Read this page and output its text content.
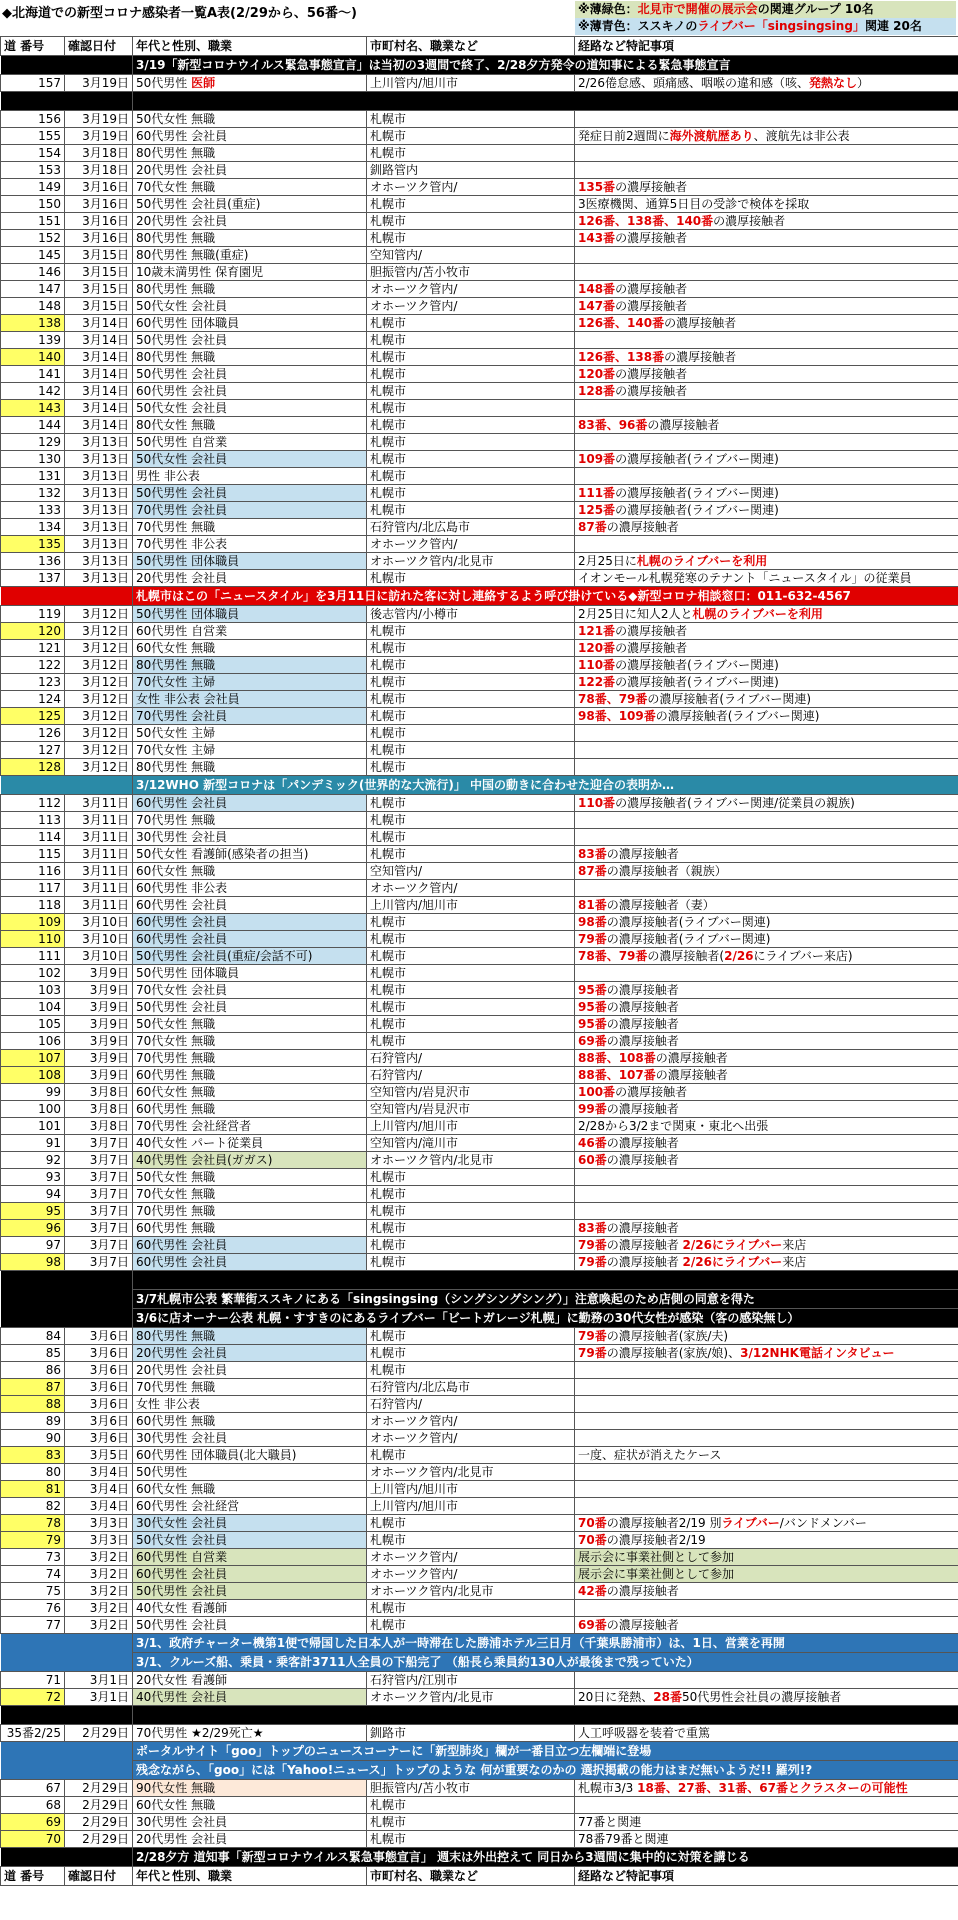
◆北海道での新型コロナ感染者一覧A表(2/29から、56番〜)	※薄緑色：北見市で開催の展示会の関連グループ 10名
※薄青色：ススキノのライブバー「singsingsing」関連 20名
道 番号	確認日付	年代と性別、職業	市町村名、職業など	経路など特記事項
		3/19「新型コロナウイルス緊急事態宣言」は当初の3週間で終了、2/28夕方発令の道知事による緊急事態宣言		
157	3月19日	50代男性 医師	上川管内/旭川市	2/26倦怠感、頭痛感、咽喉の違和感（咳、発熱なし）
		3/4勤務先で受診、インフルエンザ検査陰性、胸部CTスキャンで肺炎像認められずで自宅療養、3/16保健所に相談		
156	3月19日	50代女性 無職	札幌市	
155	3月19日	60代男性 会社員	札幌市	発症日前2週間に海外渡航歴あり、渡航先は非公表
154	3月18日	80代男性 無職	札幌市	
153	3月18日	20代男性 会社員	釧路管内	
149	3月16日	70代女性 無職	オホーツク管内/	135番の濃厚接触者
150	3月16日	50代男性 会社員(重症)	札幌市	3医療機関、通算5日目の受診で検体を採取
151	3月16日	20代男性 会社員	札幌市	126番、138番、140番の濃厚接触者
152	3月16日	80代男性 無職	札幌市	143番の濃厚接触者
145	3月15日	80代男性 無職(重症)	空知管内/	
146	3月15日	10歳未満男性 保育園児	胆振管内/苫小牧市	
147	3月15日	80代男性 無職	オホーツク管内/	148番の濃厚接触者
148	3月15日	50代女性 会社員	オホーツク管内/	147番の濃厚接触者
138	3月14日	60代男性 団体職員	札幌市	126番、140番の濃厚接触者
139	3月14日	50代男性 会社員	札幌市	
140	3月14日	80代男性 無職	札幌市	126番、138番の濃厚接触者
141	3月14日	50代男性 会社員	札幌市	120番の濃厚接触者
142	3月14日	60代男性 会社員	札幌市	128番の濃厚接触者
143	3月14日	50代女性 会社員	札幌市	
144	3月14日	80代女性 無職	札幌市	83番、96番の濃厚接触者
129	3月13日	50代男性 自営業	札幌市	
130	3月13日	50代女性 会社員	札幌市	109番の濃厚接触者(ライブバー関連)
131	3月13日	男性 非公表	札幌市	
132	3月13日	50代男性 会社員	札幌市	111番の濃厚接触者(ライブバー関連)
133	3月13日	70代男性 会社員	札幌市	125番の濃厚接触者(ライブバー関連)
134	3月13日	70代男性 無職	石狩管内/北広島市	87番の濃厚接触者
135	3月13日	70代男性 非公表	オホーツク管内/	
136	3月13日	50代男性 団体職員	オホーツク管内/北見市	2月25日に札幌のライブバーを利用
137	3月13日	20代男性 会社員	札幌市	イオンモール札幌発寒のテナント「ニュースタイル」の従業員
		札幌市はこの「ニュースタイル」を3月11日に訪れた客に対し連絡するよう呼び掛けている◆新型コロナ相談窓口：011-632-4567		
119	3月12日	50代男性 団体職員	後志管内/小樽市	2月25日に知人2人と札幌のライブバーを利用
120	3月12日	60代男性 自営業	札幌市	121番の濃厚接触者
121	3月12日	60代女性 無職	札幌市	120番の濃厚接触者
122	3月12日	80代男性 無職	札幌市	110番の濃厚接触者(ライブバー関連)
123	3月12日	70代女性 主婦	札幌市	122番の濃厚接触者(ライブバー関連)
124	3月12日	女性 非公表 会社員	札幌市	78番、79番の濃厚接触者(ライブバー関連)
125	3月12日	70代男性 会社員	札幌市	98番、109番の濃厚接触者(ライブバー関連)
126	3月12日	50代女性 主婦	札幌市	
127	3月12日	70代女性 主婦	札幌市	
128	3月12日	80代男性 無職	札幌市	
		3/12WHO 新型コロナは「パンデミック(世界的な大流行)」 中国の動きに合わせた迎合の表明か…		
112	3月11日	60代男性 会社員	札幌市	110番の濃厚接触者(ライブバー関連/従業員の親族)
113	3月11日	70代男性 無職	札幌市	
114	3月11日	30代男性 会社員	札幌市	
115	3月11日	50代女性 看護師(感染者の担当)	札幌市	83番の濃厚接触者
116	3月11日	60代女性 無職	空知管内/	87番の濃厚接触者（親族）
117	3月11日	60代男性 非公表	オホーツク管内/	
118	3月11日	60代男性 会社員	上川管内/旭川市	81番の濃厚接触者（妻）
109	3月10日	60代男性 会社員	札幌市	98番の濃厚接触者(ライブバー関連)
110	3月10日	60代男性 会社員	札幌市	79番の濃厚接触者(ライブバー関連)
111	3月10日	50代男性 会社員(重症/会話不可)	札幌市	78番、79番の濃厚接触者(2/26にライブバー来店)
102	3月9日	50代男性 団体職員	札幌市	
103	3月9日	70代女性 会社員	札幌市	95番の濃厚接触者
104	3月9日	50代男性 会社員	札幌市	95番の濃厚接触者
105	3月9日	50代女性 無職	札幌市	95番の濃厚接触者
106	3月9日	70代女性 無職	札幌市	69番の濃厚接触者
107	3月9日	70代男性 無職	石狩管内/	88番、108番の濃厚接触者
108	3月9日	60代男性 無職	石狩管内/	88番、107番の濃厚接触者
99	3月8日	60代女性 無職	空知管内/岩見沢市	100番の濃厚接触者
100	3月8日	60代男性 無職	空知管内/岩見沢市	99番の濃厚接触者
101	3月8日	70代男性 会社経営者	上川管内/旭川市	2/28から3/2まで関東・東北へ出張
91	3月7日	40代女性 パート従業員	空知管内/滝川市	46番の濃厚接触者
92	3月7日	40代男性 会社員(ガガス)	オホーツク管内/北見市	60番の濃厚接触者
93	3月7日	50代女性 無職	札幌市	
94	3月7日	70代女性 無職	札幌市	
95	3月7日	70代男性 無職	札幌市	
96	3月7日	60代男性 無職	札幌市	83番の濃厚接触者
97	3月7日	60代男性 会社員	札幌市	79番の濃厚接触者 2/26にライブバー来店
98	3月7日	60代男性 会社員	札幌市	79番の濃厚接触者 2/26にライブバー来店
		◆ススキノのライブバー「singsingsing」では従業員3人と客2人が感染◆従業員の家族2人も		
		3/7札幌市公表 繁華街ススキノにある「singsingsing（シングシングシング）」注意喚起のため店側の同意を得た		
		3/6に店オーナー公表 札幌・すすきのにあるライブバー「ビートガレージ札幌」に勤務の30代女性が感染（客の感染無し）		
84	3月6日	80代男性 無職	札幌市	79番の濃厚接触者(家族/夫)
85	3月6日	20代男性 会社員	札幌市	79番の濃厚接触者(家族/娘)、3/12NHK電話インタビュー
86	3月6日	20代男性 会社員	札幌市	
87	3月6日	70代男性 無職	石狩管内/北広島市	
88	3月6日	女性 非公表	石狩管内/	
89	3月6日	60代男性 無職	オホーツク管内/	
90	3月6日	30代男性 会社員	オホーツク管内/	
83	3月5日	60代男性 団体職員(北大職員)	札幌市	一度、症状が消えたケース
80	3月4日	50代男性	オホーツク管内/北見市	
81	3月4日	60代女性 無職	上川管内/旭川市	
82	3月4日	60代男性 会社経営	上川管内/旭川市	
78	3月3日	30代女性 会社員	札幌市	70番の濃厚接触者2/19 別ライブバー/バンドメンバー
79	3月3日	50代女性 会社員	札幌市	70番の濃厚接触者2/19
73	3月2日	60代男性 自営業	オホーツク管内/	展示会に事業社側として参加
74	3月2日	60代男性 会社員	オホーツク管内/	展示会に事業社側として参加
75	3月2日	50代男性 会社員	オホーツク管内/北見市	42番の濃厚接触者
76	3月2日	40代女性 看護師	札幌市	
77	3月2日	50代男性 会社員	札幌市	69番の濃厚接触者
		3/1、政府チャーター機第1便で帰国した日本人が一時滞在した勝浦ホテル三日月（千葉県勝浦市）は、1日、営業を再開		
		3/1、クルーズ船、乗員・乗客計3711人全員の下船完了 （船長ら乗員約130人が最後まで残っていた）		
71	3月1日	20代女性 看護師	石狩管内/江別市	
72	3月1日	40代男性 会社員	オホーツク管内/北見市	20日に発熱、28番50代男性会社員の濃厚接触者
		北見総合卸センター（北見市）で、2月13〜15日に開催された生活関連商品の展示会		
35番2/25	2月29日	70代男性 ★2/29死亡★	釧路市	人工呼吸器を装着で重篤
		ポータルサイト「goo」トップのニュースコーナーに「新型肺炎」欄が一番目立つ左欄端に登場		
		残念ながら、「goo」には「Yahoo!ニュース」トップのような 何が重要なのかの 選択掲載の能力はまだ無いようだ!! 羅列!?		
67	2月29日	90代女性 無職	胆振管内/苫小牧市	札幌市3/3 18番、27番、31番、67番とクラスターの可能性
68	2月29日	60代女性 無職	札幌市	
69	2月29日	30代男性 会社員	札幌市	77番と関連
70	2月29日	20代男性 会社員	札幌市	78番79番と関連
		2/28夕方 道知事「新型コロナウイルス緊急事態宣言」 週末は外出控えて 同日から3週間に集中的に対策を講じる		
道 番号	確認日付	年代と性別、職業	市町村名、職業など	経路など特記事項
